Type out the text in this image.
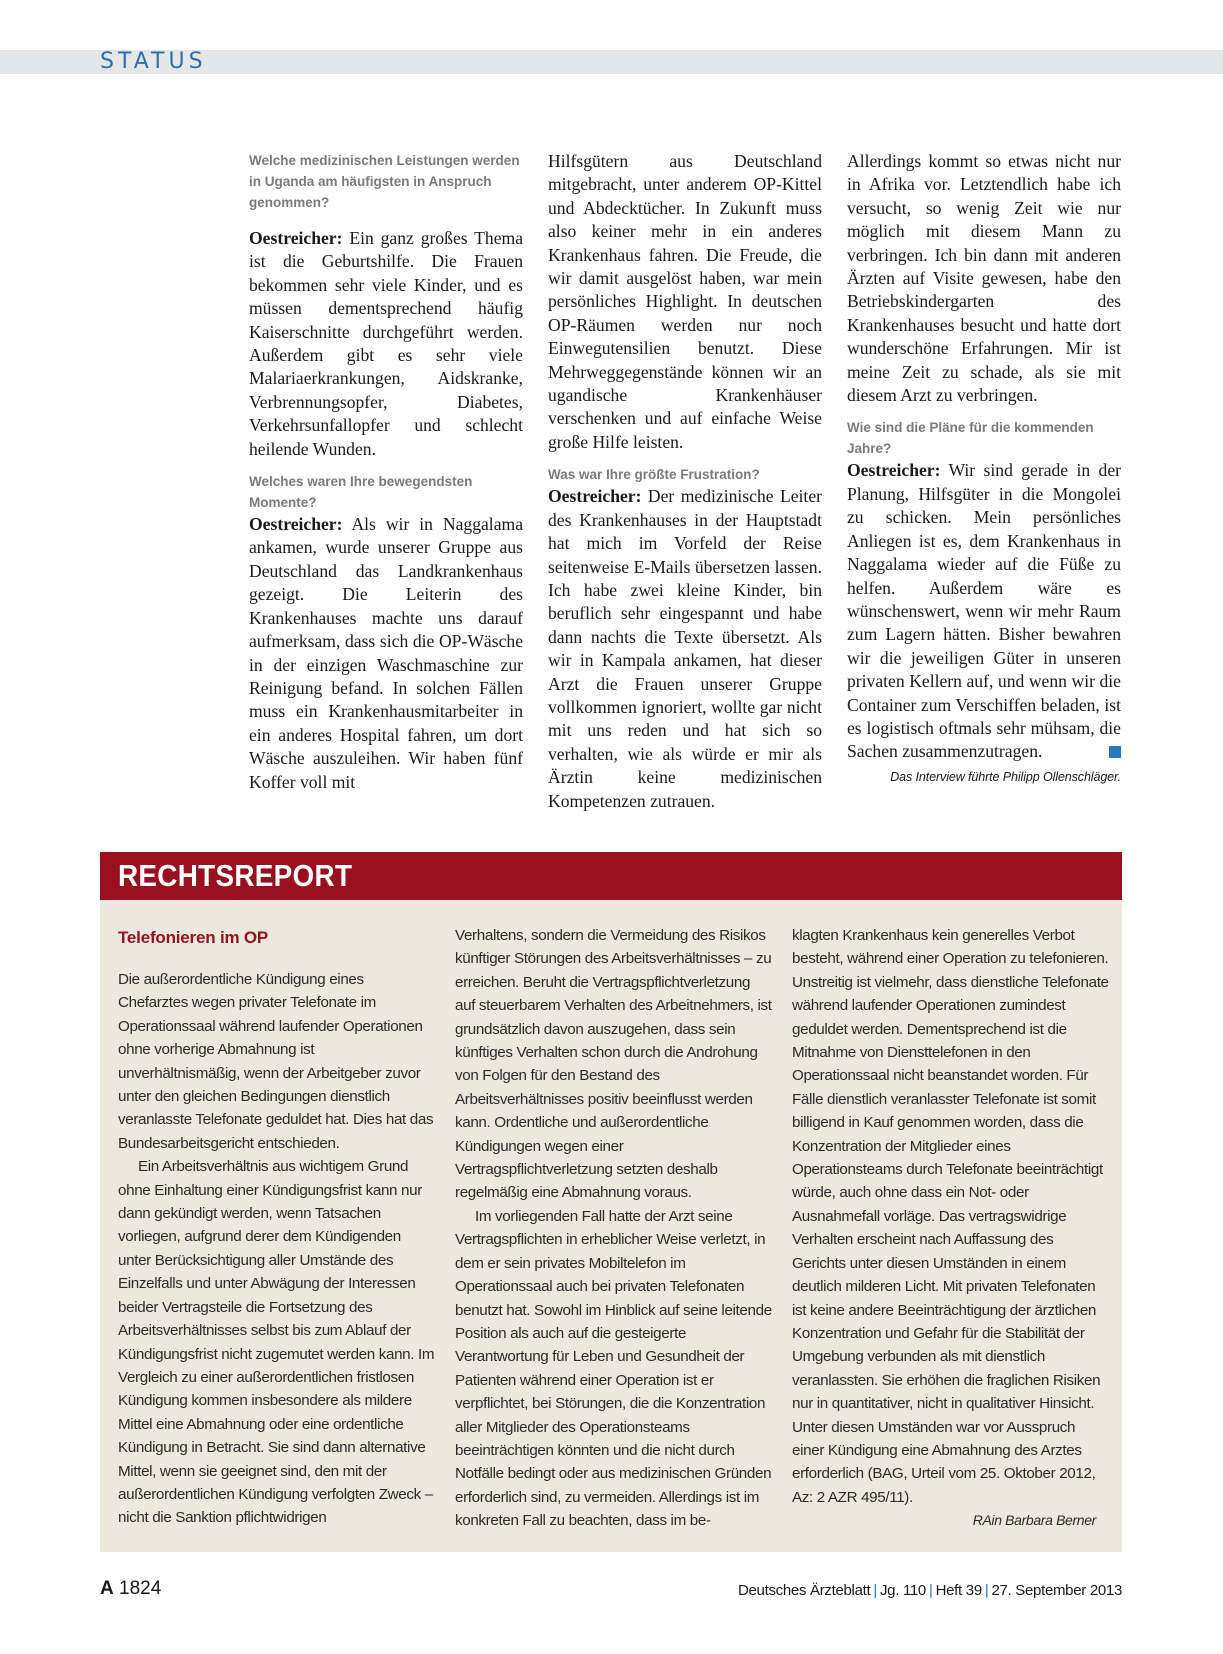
STATUS

Welche medizinischen Leistungen werden in Uganda am häufigsten in Anspruch genommen?

Oestreicher: Ein ganz großes Thema ist die Geburtshilfe. Die Frauen bekommen sehr viele Kinder, und es müssen dementsprechend häufig Kaiserschnitte durchgeführt werden. Außerdem gibt es sehr viele Malariaerkrankungen, Aidskranke, Verbrennungsopfer, Diabetes, Verkehrsunfallopfer und schlecht heilende Wunden.

Welches waren Ihre bewegendsten Momente?

Oestreicher: Als wir in Naggalama ankamen, wurde unserer Gruppe aus Deutschland das Landkrankenhaus gezeigt. Die Leiterin des Krankenhauses machte uns darauf aufmerksam, dass sich die OP-Wäsche in der einzigen Waschmaschine zur Reinigung befand. In solchen Fällen muss ein Krankenhausmitarbeiter in ein anderes Hospital fahren, um dort Wäsche auszuleihen. Wir haben fünf Koffer voll mit

Hilfsgütern aus Deutschland mitgebracht, unter anderem OP-Kittel und Abdecktücher. In Zukunft muss also keiner mehr in ein anderes Krankenhaus fahren. Die Freude, die wir damit ausgelöst haben, war mein persönliches Highlight. In deutschen OP-Räumen werden nur noch Einwegutensilien benutzt. Diese Mehrweggegenstände können wir an ugandische Krankenhäuser verschenken und auf einfache Weise große Hilfe leisten.

Was war Ihre größte Frustration?

Oestreicher: Der medizinische Leiter des Krankenhauses in der Hauptstadt hat mich im Vorfeld der Reise seitenweise E-Mails übersetzen lassen. Ich habe zwei kleine Kinder, bin beruflich sehr eingespannt und habe dann nachts die Texte übersetzt. Als wir in Kampala ankamen, hat dieser Arzt die Frauen unserer Gruppe vollkommen ignoriert, wollte gar nicht mit uns reden und hat sich so verhalten, wie als würde er mir als Ärztin keine medizinischen Kompetenzen zutrauen.

Allerdings kommt so etwas nicht nur in Afrika vor. Letztendlich habe ich versucht, so wenig Zeit wie nur möglich mit diesem Mann zu verbringen. Ich bin dann mit anderen Ärzten auf Visite gewesen, habe den Betriebskindergarten des Krankenhauses besucht und hatte dort wunderschöne Erfahrungen. Mir ist meine Zeit zu schade, als sie mit diesem Arzt zu verbringen.

Wie sind die Pläne für die kommenden Jahre?

Oestreicher: Wir sind gerade in der Planung, Hilfsgüter in die Mongolei zu schicken. Mein persönliches Anliegen ist es, dem Krankenhaus in Naggalama wieder auf die Füße zu helfen. Außerdem wäre es wünschenswert, wenn wir mehr Raum zum Lagern hätten. Bisher bewahren wir die jeweiligen Güter in unseren privaten Kellern auf, und wenn wir die Container zum Verschiffen beladen, ist es logistisch oftmals sehr mühsam, die Sachen zusammenzutragen.

Das Interview führte Philipp Ollenschläger.

RECHTSREPORT

Telefonieren im OP

Die außerordentliche Kündigung eines Chefarztes wegen privater Telefonate im Operationssaal während laufender Operationen ohne vorherige Abmahnung ist unverhältnismäßig, wenn der Arbeitgeber zuvor unter den gleichen Bedingungen dienstlich veranlasste Telefonate geduldet hat. Dies hat das Bundesarbeitsgericht entschieden.

Ein Arbeitsverhältnis aus wichtigem Grund ohne Einhaltung einer Kündigungsfrist kann nur dann gekündigt werden, wenn Tatsachen vorliegen, aufgrund derer dem Kündigenden unter Berücksichtigung aller Umstände des Einzelfalls und unter Abwägung der Interessen beider Vertragsteile die Fortsetzung des Arbeitsverhältnisses selbst bis zum Ablauf der Kündigungsfrist nicht zugemutet werden kann. Im Vergleich zu einer außerordentlichen fristlosen Kündigung kommen insbesondere als mildere Mittel eine Abmahnung oder eine ordentliche Kündigung in Betracht. Sie sind dann alternative Mittel, wenn sie geeignet sind, den mit der außerordentlichen Kündigung verfolgten Zweck – nicht die Sanktion pflichtwidrigen

Verhaltens, sondern die Vermeidung des Risikos künftiger Störungen des Arbeitsverhältnisses – zu erreichen. Beruht die Vertragspflichtverletzung auf steuerbarem Verhalten des Arbeitnehmers, ist grundsätzlich davon auszugehen, dass sein künftiges Verhalten schon durch die Androhung von Folgen für den Bestand des Arbeitsverhältnisses positiv beeinflusst werden kann. Ordentliche und außerordentliche Kündigungen wegen einer Vertragspflichtverletzung setzten deshalb regelmäßig eine Abmahnung voraus.

Im vorliegenden Fall hatte der Arzt seine Vertragspflichten in erheblicher Weise verletzt, in dem er sein privates Mobiltelefon im Operationssaal auch bei privaten Telefonaten benutzt hat. Sowohl im Hinblick auf seine leitende Position als auch auf die gesteigerte Verantwortung für Leben und Gesundheit der Patienten während einer Operation ist er verpflichtet, bei Störungen, die die Konzentration aller Mitglieder des Operationsteams beeinträchtigen könnten und die nicht durch Notfälle bedingt oder aus medizinischen Gründen erforderlich sind, zu vermeiden. Allerdings ist im konkreten Fall zu beachten, dass im be-

klagten Krankenhaus kein generelles Verbot besteht, während einer Operation zu telefonieren. Unstreitig ist vielmehr, dass dienstliche Telefonate während laufender Operationen zumindest geduldet werden. Dementsprechend ist die Mitnahme von Diensttelefonen in den Operationssaal nicht beanstandet worden. Für Fälle dienstlich veranlasster Telefonate ist somit billigend in Kauf genommen worden, dass die Konzentration der Mitglieder eines Operationsteams durch Telefonate beeinträchtigt würde, auch ohne dass ein Not- oder Ausnahmefall vorläge. Das vertragswidrige Verhalten erscheint nach Auffassung des Gerichts unter diesen Umständen in einem deutlich milderen Licht. Mit privaten Telefonaten ist keine andere Beeinträchtigung der ärztlichen Konzentration und Gefahr für die Stabilität der Umgebung verbunden als mit dienstlich veranlassten. Sie erhöhen die fraglichen Risiken nur in quantitativer, nicht in qualitativer Hinsicht. Unter diesen Umständen war vor Ausspruch einer Kündigung eine Abmahnung des Arztes erforderlich (BAG, Urteil vom 25. Oktober 2012, Az: 2 AZR 495/11).

RAin Barbara Berner

A 1824	Deutsches Ärzteblatt | Jg. 110 | Heft 39 | 27. September 2013
